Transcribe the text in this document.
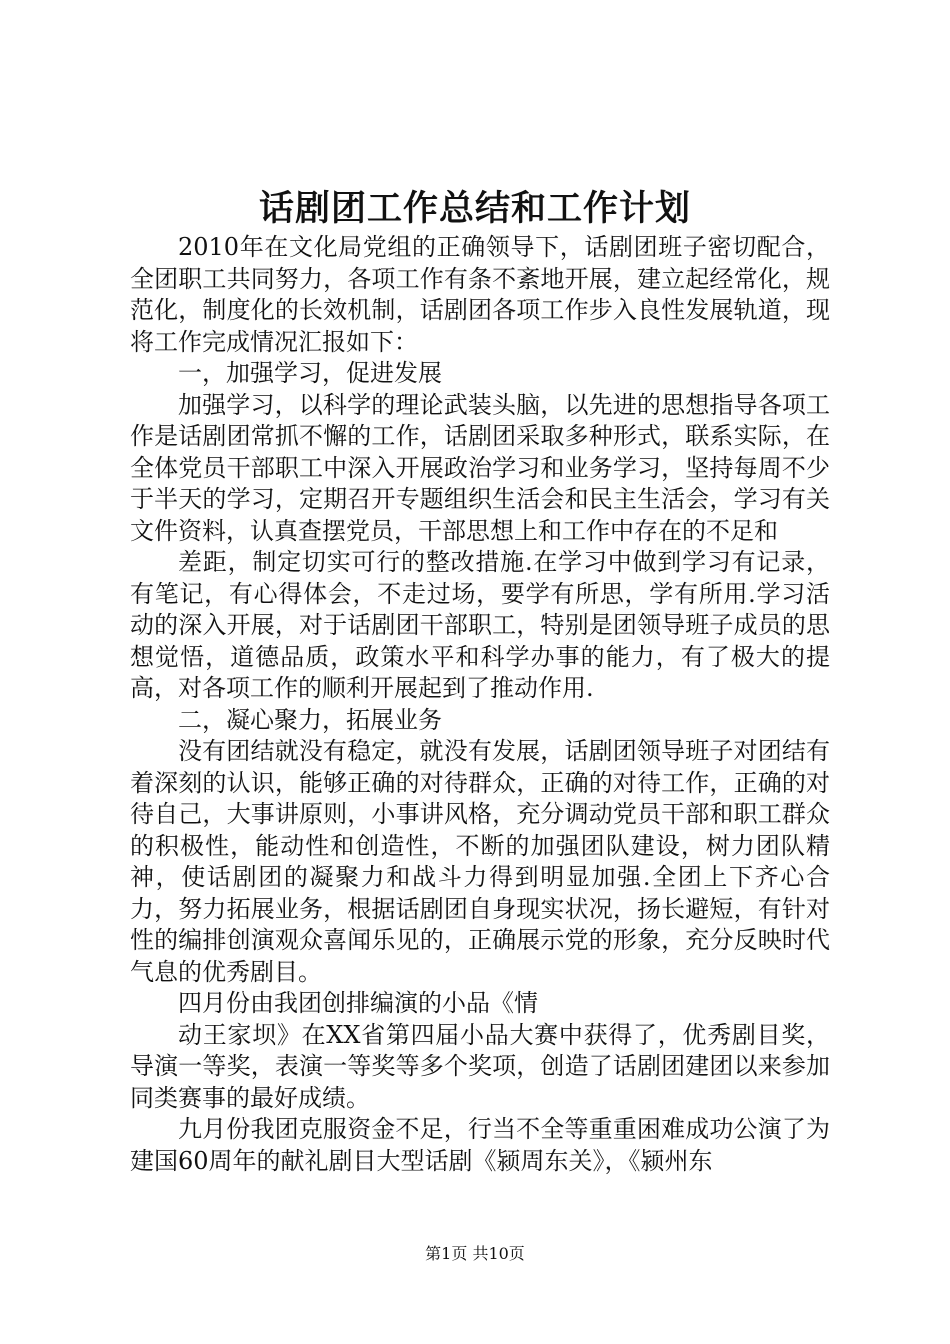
话剧团工作总结和工作计划

2010年在文化局党组的正确领导下，话剧团班子密切配合，全团职工共同努力，各项工作有条不紊地开展，建立起经常化，规范化，制度化的长效机制，话剧团各项工作步入良性发展轨道，现将工作完成情况汇报如下：

一，加强学习，促进发展

加强学习，以科学的理论武装头脑，以先进的思想指导各项工作是话剧团常抓不懈的工作，话剧团采取多种形式，联系实际，在全体党员干部职工中深入开展政治学习和业务学习，坚持每周不少于半天的学习，定期召开专题组织生活会和民主生活会，学习有关文件资料，认真查摆党员，干部思想上和工作中存在的不足和

差距，制定切实可行的整改措施.在学习中做到学习有记录，有笔记，有心得体会，不走过场，要学有所思，学有所用.学习活动的深入开展，对于话剧团干部职工，特别是团领导班子成员的思想觉悟，道德品质，政策水平和科学办事的能力，有了极大的提高，对各项工作的顺利开展起到了推动作用.

二，凝心聚力，拓展业务

没有团结就没有稳定，就没有发展，话剧团领导班子对团结有着深刻的认识，能够正确的对待群众，正确的对待工作，正确的对待自己，大事讲原则，小事讲风格，充分调动党员干部和职工群众的积极性，能动性和创造性，不断的加强团队建设，树力团队精神，使话剧团的凝聚力和战斗力得到明显加强.全团上下齐心合力，努力拓展业务，根据话剧团自身现实状况，扬长避短，有针对性的编排创演观众喜闻乐见的，正确展示党的形象，充分反映时代气息的优秀剧目。

四月份由我团创排编演的小品《情

动王家坝》在XX省第四届小品大赛中获得了，优秀剧目奖，导演一等奖，表演一等奖等多个奖项，创造了话剧团建团以来参加同类赛事的最好成绩。

九月份我团克服资金不足，行当不全等重重困难成功公演了为建国60周年的献礼剧目大型话剧《颍周东关》，《颍州东

第1页 共10页
